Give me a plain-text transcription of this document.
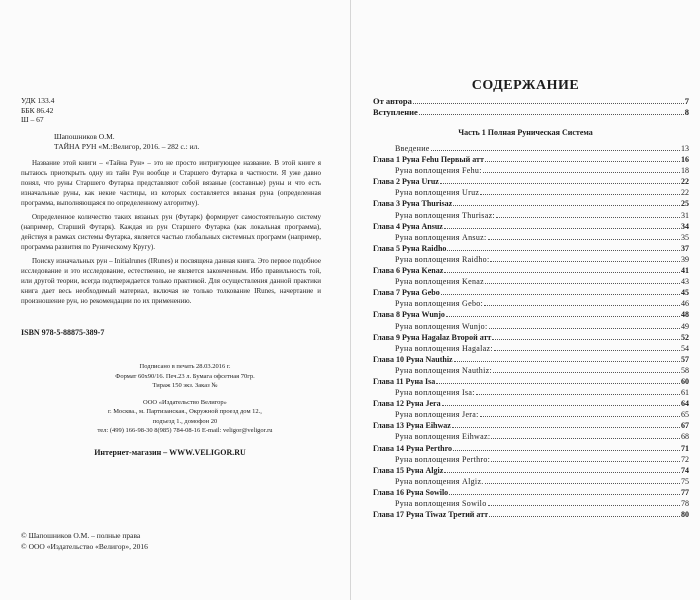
УДК 133.4
ББК 86.42
Ш – 67
Шапошников О.М.
ТАЙНА РУН «М.:Велигор, 2016. – 282 с.: ил.

Название этой книги – «Тайна Рун» – это не просто интригующее название. В этой книге я пытаюсь приоткрыть одну из тайн Рун вообще и Старшего Футарка в частности. Я уже давно понял, что руны Старшего Футарка представляют собой вязаные (составные) руны и что есть изначальные руны, как некие частицы, из которых составляется вязаная руна (определенная программа, выполняющаяся по определенному алгоритму).

Определенное количество таких вязаных рун (Футарк) формирует самостоятельную систему (например, Старший Футарк). Каждая из рун Старшего Футарка (как локальная программа), действуя в рамках системы Футарка, является частью глобальных системных программ (например, программа развития по Руническому Кругу).

Поиску изначальных рун – Initialrunes (IRunes) и посвящена данная книга. Это первое подобное исследование и это исследование, естественно, не является законченным. Ибо правильность той, или другой теории, всегда подтверждается только практикой. Для осуществления данной практики книга дает весь необходимый материал, включая не только толкование IRunes, начертание и произношение рун, но рекомендации по их применению.

ISBN 978-5-88875-389-7
Подписано в печать 28.03.2016 г.
Формат 60x90/16. Печ.23 л. Бумага офсетная 70гр.
Тираж 150 экз. Заказ №
ООО «Издательство Велигор»
г. Москва., м. Партизанская., Окружной проезд дом 12.,
подъезд 1., домофон 20
тел: (499) 166-98-30 8(985) 784-08-16 E-mail: veligor@veligor.ru
Интернет-магазин – WWW.VELIGOR.RU
© Шапошников О.М. – полные права
© ООО «Издательство «Велигор», 2016
СОДЕРЖАНИЕ
От автора	7
Вступление	8
Часть 1 Полная Руническая Система
Введение	13
Глава 1 Руна Fehu Первый атт	16
Руна воплощения Fehu:	18
Глава 2 Руна Uruz	22
Руна воплощения Uruz	22
Глава 3 Руна Thurisaz	25
Руна воплощения Thurisaz:	31
Глава 4 Руна Ansuz	34
Руна воплощения Ansuz:	35
Глава 5 Руна Raidho	37
Руна воплощения Raidho:	39
Глава 6 Руна Kenaz	41
Руна воплощения Kenaz	43
Глава 7 Руна Gebo	45
Руна воплощения Gebo:	46
Глава 8 Руна Wunjo	48
Руна воплощения Wunjo:	49
Глава 9 Руна Hagalaz Второй атт	52
Руна воплощения Hagalaz:	54
Глава 10 Руна Nauthiz	57
Руна воплощения Nauthiz:	58
Глава 11 Руна Isa	60
Руна воплощения Isa:	61
Глава 12 Руна Jera	64
Руна воплощения Jera:	65
Глава 13 Руна Eihwaz	67
Руна воплощения Eihwaz:	68
Глава 14 Руна Perthro	71
Руна воплощения Perthro:	72
Глава 15 Руна Algiz	74
Руна воплощения Algiz.	75
Глава 16 Руна Sowilo	77
Руна воплощения Sowilo	78
Глава 17 Руна Tiwaz Третий атт	80
